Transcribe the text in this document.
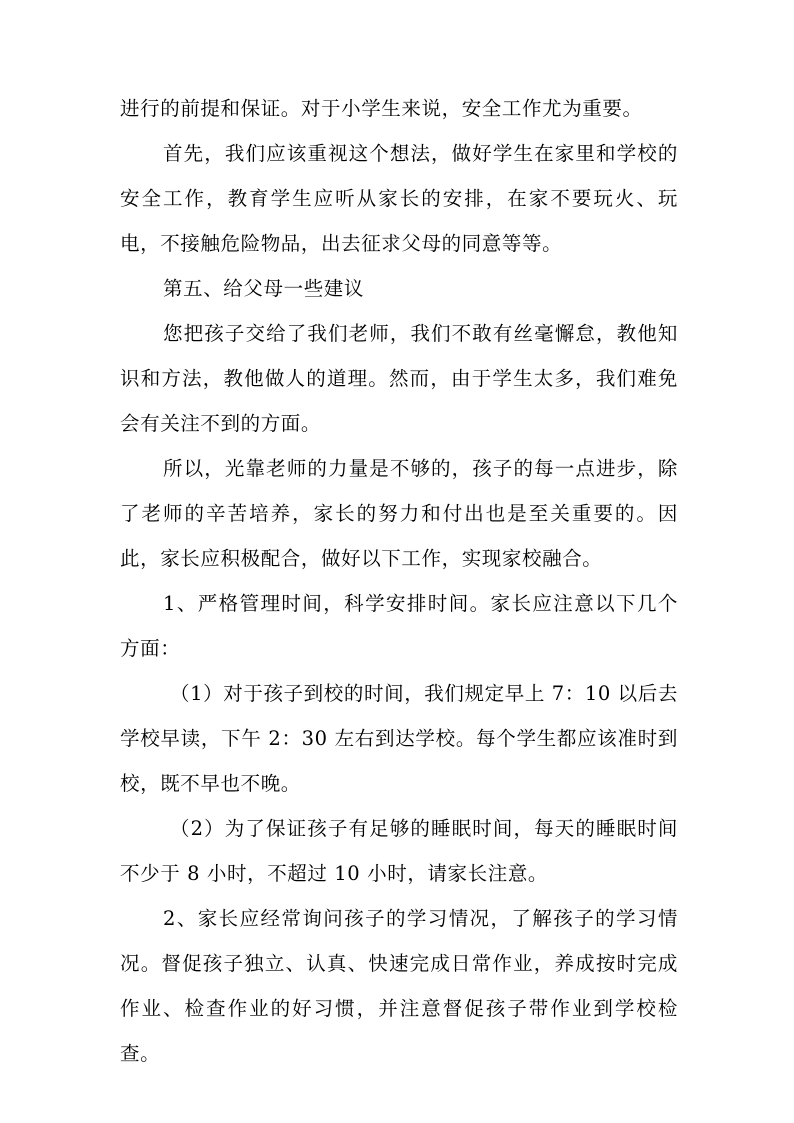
进行的前提和保证。对于小学生来说，安全工作尤为重要。

首先，我们应该重视这个想法，做好学生在家里和学校的安全工作，教育学生应听从家长的安排，在家不要玩火、玩电，不接触危险物品，出去征求父母的同意等等。

第五、给父母一些建议

您把孩子交给了我们老师，我们不敢有丝毫懈怠，教他知识和方法，教他做人的道理。然而，由于学生太多，我们难免会有关注不到的方面。

所以，光靠老师的力量是不够的，孩子的每一点进步，除了老师的辛苦培养，家长的努力和付出也是至关重要的。因此，家长应积极配合，做好以下工作，实现家校融合。

1、严格管理时间，科学安排时间。家长应注意以下几个方面：

（1）对于孩子到校的时间，我们规定早上 7：10 以后去学校早读，下午 2：30 左右到达学校。每个学生都应该准时到校，既不早也不晚。

（2）为了保证孩子有足够的睡眠时间，每天的睡眠时间不少于 8 小时，不超过 10 小时，请家长注意。

2、家长应经常询问孩子的学习情况，了解孩子的学习情况。督促孩子独立、认真、快速完成日常作业，养成按时完成作业、检查作业的好习惯，并注意督促孩子带作业到学校检查。
